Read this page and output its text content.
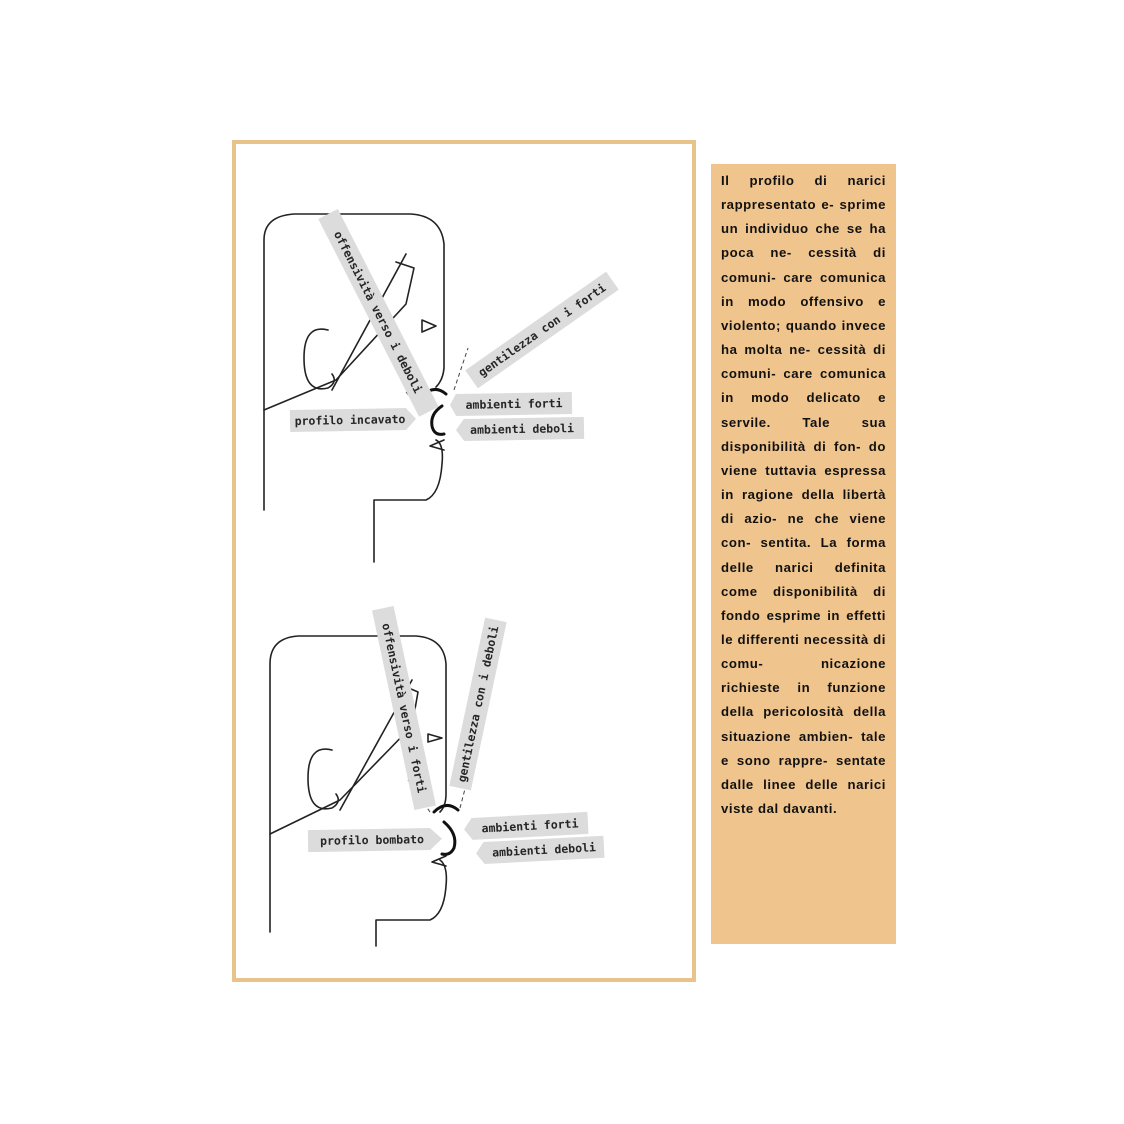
offensività verso i deboli	gentilezza con i forti
ambienti forti
ambienti deboli
profilo incavato
offensività verso i forti gentilezza con i deboli
ambienti forti
ambienti deboli
profilo bombato

Il profilo di narici rappresentato e- sprime un individuo che se ha poca ne- cessità di comuni- care comunica in modo offensivo e violento; quando invece ha molta ne- cessità di comuni- care comunica in modo delicato e servile. Tale sua disponibilità di fon- do viene tuttavia espressa in ragione della libertà di azio- ne che viene con- sentita. La forma delle narici definita come disponibilità di fondo esprime in effetti le differenti necessità di comu- nicazione richieste in funzione della pericolosità della situazione ambien- tale e sono rappre- sentate dalle linee delle narici viste dal davanti.
